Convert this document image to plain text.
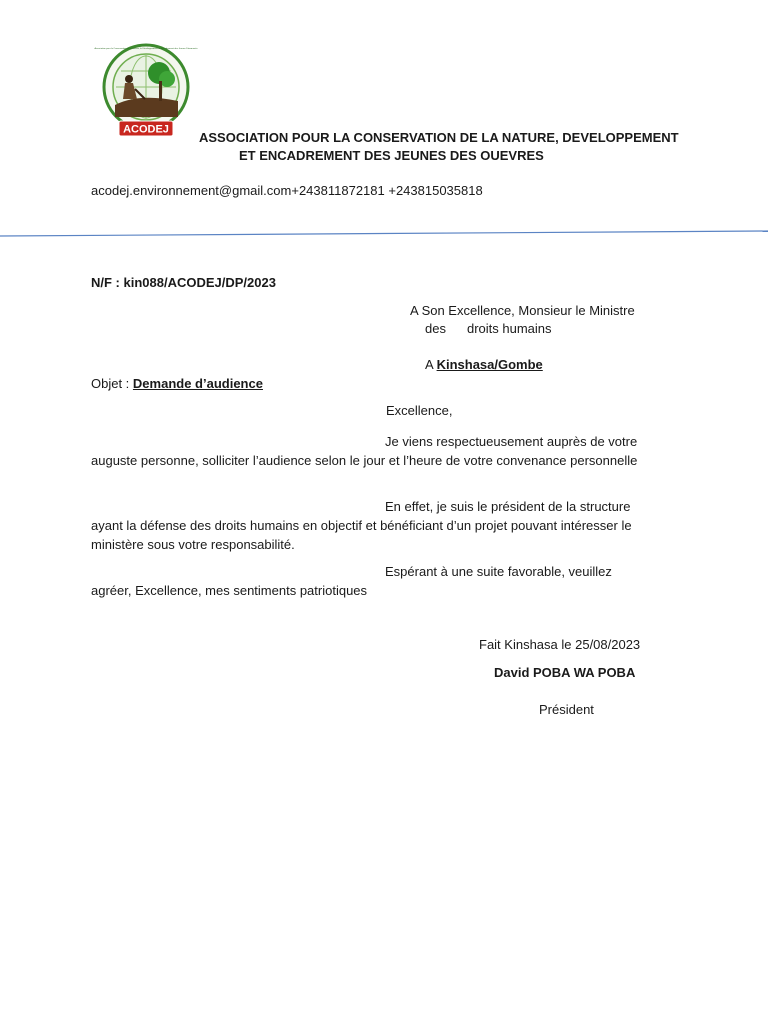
ACODEJ
Association pour la Conservation de la Nature, le Développement et Encadrement des Jeunes Désœuvrés
ASSOCIATION POUR LA CONSERVATION DE LA NATURE, DEVELOPPEMENT
ET ENCADREMENT DES JEUNES DES OUEVRES
acodej.environnement@gmail.com+243811872181 +243815035818
N/F : kin088/ACODEJ/DP/2023
A Son Excellence, Monsieur le Ministre
des droits humains
A Kinshasa/Gombe
Objet : Demande d’audience
Excellence,
Je viens respectueusement auprès de votre
auguste personne, solliciter l’audience selon le jour et l’heure de votre convenance personnelle
En effet, je suis le président de la structure
ayant la défense des droits humains en objectif et bénéficiant d’un projet pouvant intéresser le ministère sous votre responsabilité.
Espérant à une suite favorable, veuillez
agréer, Excellence, mes sentiments patriotiques
Fait Kinshasa le 25/08/2023
David POBA WA POBA
Président
